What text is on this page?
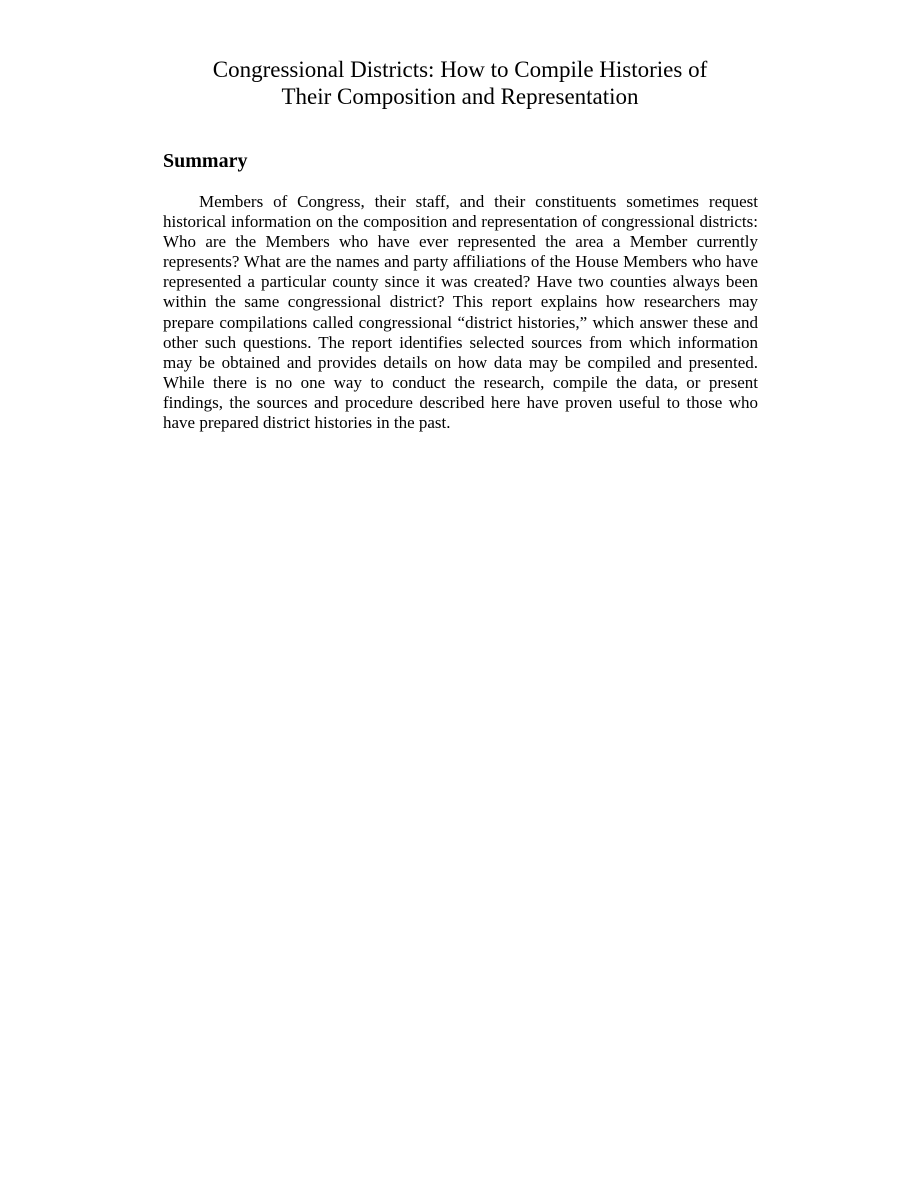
Congressional Districts: How to Compile Histories of
Their Composition and Representation
Summary

Members of Congress, their staff, and their constituents sometimes request historical information on the composition and representation of congressional districts: Who are the Members who have ever represented the area a Member currently represents? What are the names and party affiliations of the House Members who have represented a particular county since it was created? Have two counties always been within the same congressional district? This report explains how researchers may prepare compilations called congressional “district histories,” which answer these and other such questions. The report identifies selected sources from which information may be obtained and provides details on how data may be compiled and presented. While there is no one way to conduct the research, compile the data, or present findings, the sources and procedure described here have proven useful to those who have prepared district histories in the past.
